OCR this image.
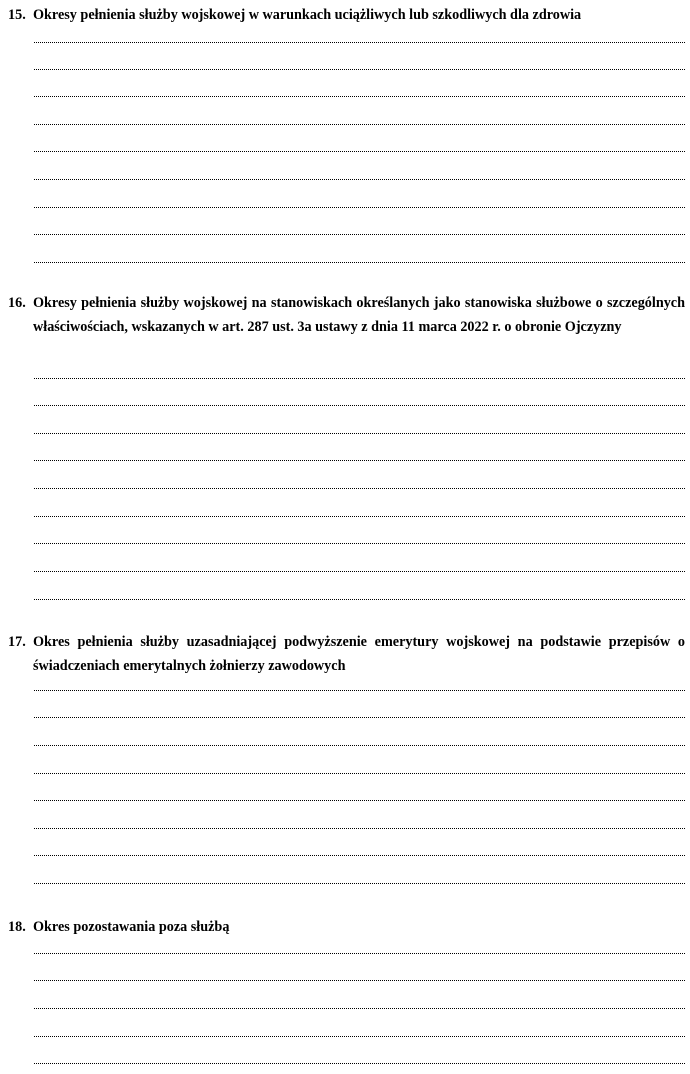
15. Okresy pełnienia służby wojskowej w warunkach uciążliwych lub szkodliwych dla zdrowia

16. Okresy pełnienia służby wojskowej na stanowiskach określanych jako stanowiska służbowe o szczególnych właściwościach, wskazanych w art. 287 ust. 3a ustawy z dnia 11 marca 2022 r. o obronie Ojczyzny

17. Okres pełnienia służby uzasadniającej podwyższenie emerytury wojskowej na podstawie przepisów o świadczeniach emerytalnych żołnierzy zawodowych

18. Okres pozostawania poza służbą
